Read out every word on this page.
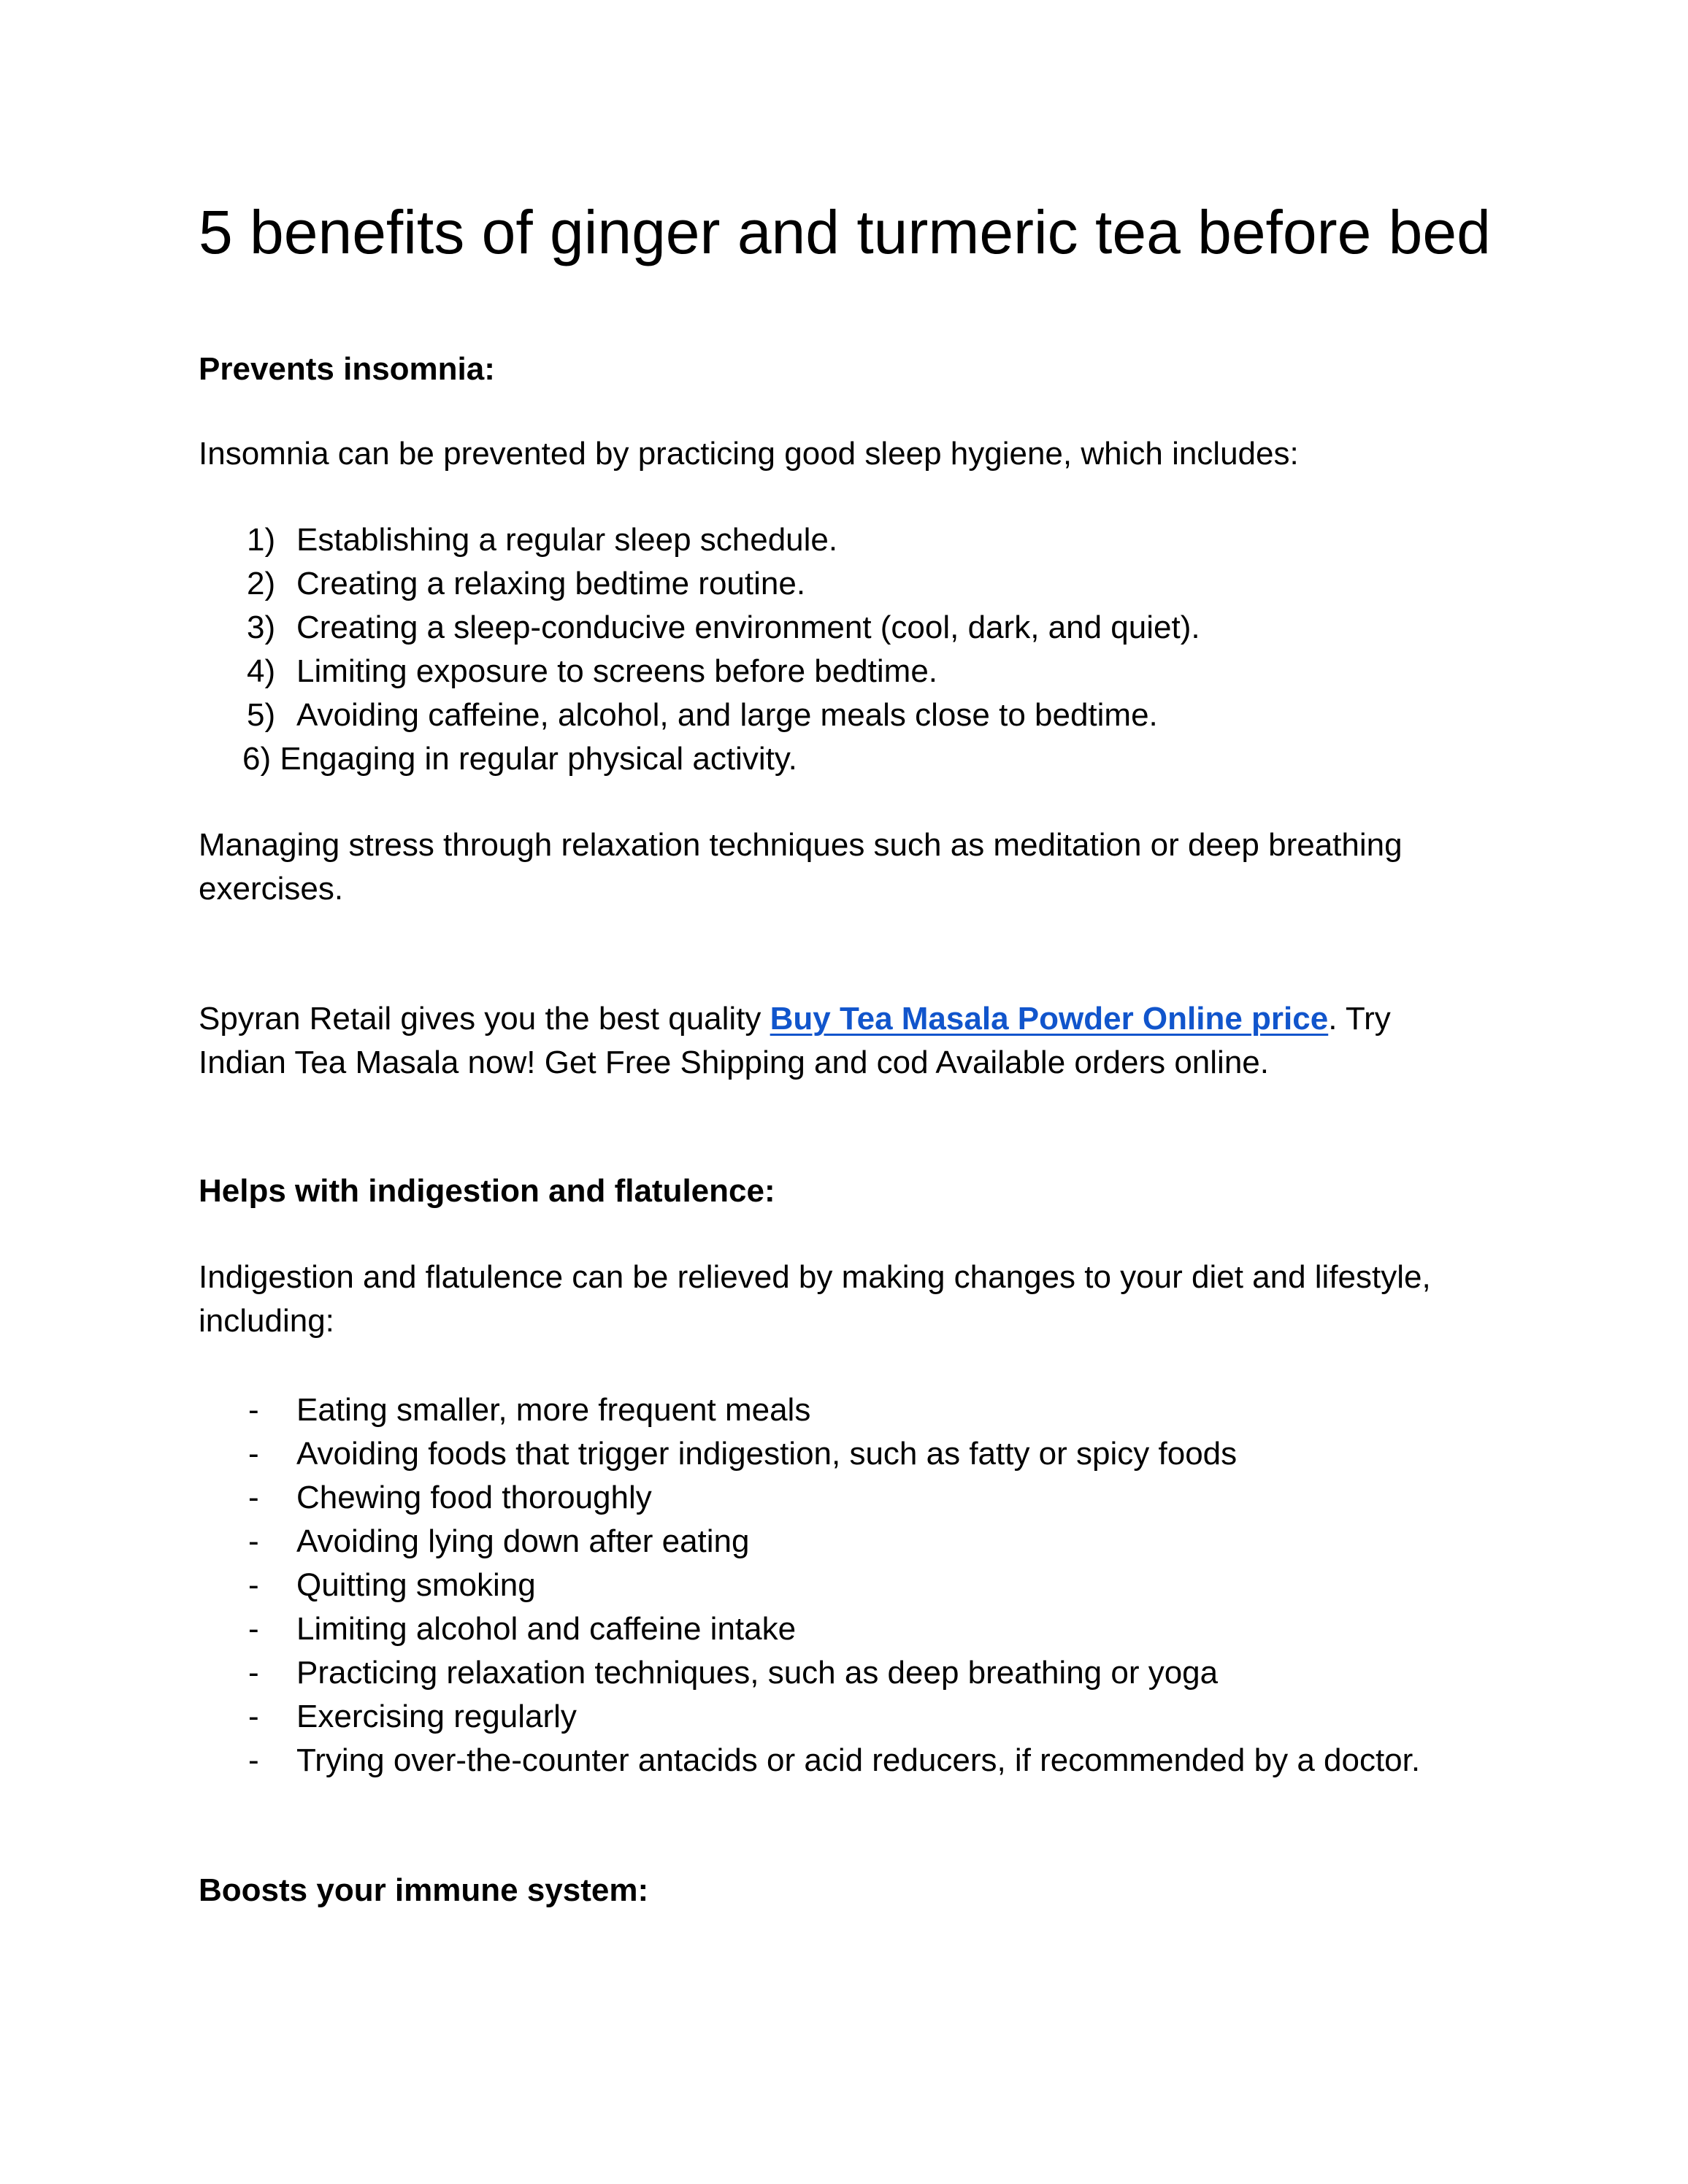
5 benefits of ginger and turmeric tea before bed
Prevents insomnia:

Insomnia can be prevented by practicing good sleep hygiene, which includes:

1) Establishing a regular sleep schedule.
2) Creating a relaxing bedtime routine.
3) Creating a sleep-conducive environment (cool, dark, and quiet).
4) Limiting exposure to screens before bedtime.
5) Avoiding caffeine, alcohol, and large meals close to bedtime.
6) Engaging in regular physical activity.

Managing stress through relaxation techniques such as meditation or deep breathing
exercises.

Spyran Retail gives you the best quality Buy Tea Masala Powder Online price. Try
Indian Tea Masala now! Get Free Shipping and cod Available orders online.

Helps with indigestion and flatulence:

Indigestion and flatulence can be relieved by making changes to your diet and lifestyle,
including:

- Eating smaller, more frequent meals
- Avoiding foods that trigger indigestion, such as fatty or spicy foods
- Chewing food thoroughly
- Avoiding lying down after eating
- Quitting smoking
- Limiting alcohol and caffeine intake
- Practicing relaxation techniques, such as deep breathing or yoga
- Exercising regularly
- Trying over-the-counter antacids or acid reducers, if recommended by a doctor.
Boosts your immune system:
